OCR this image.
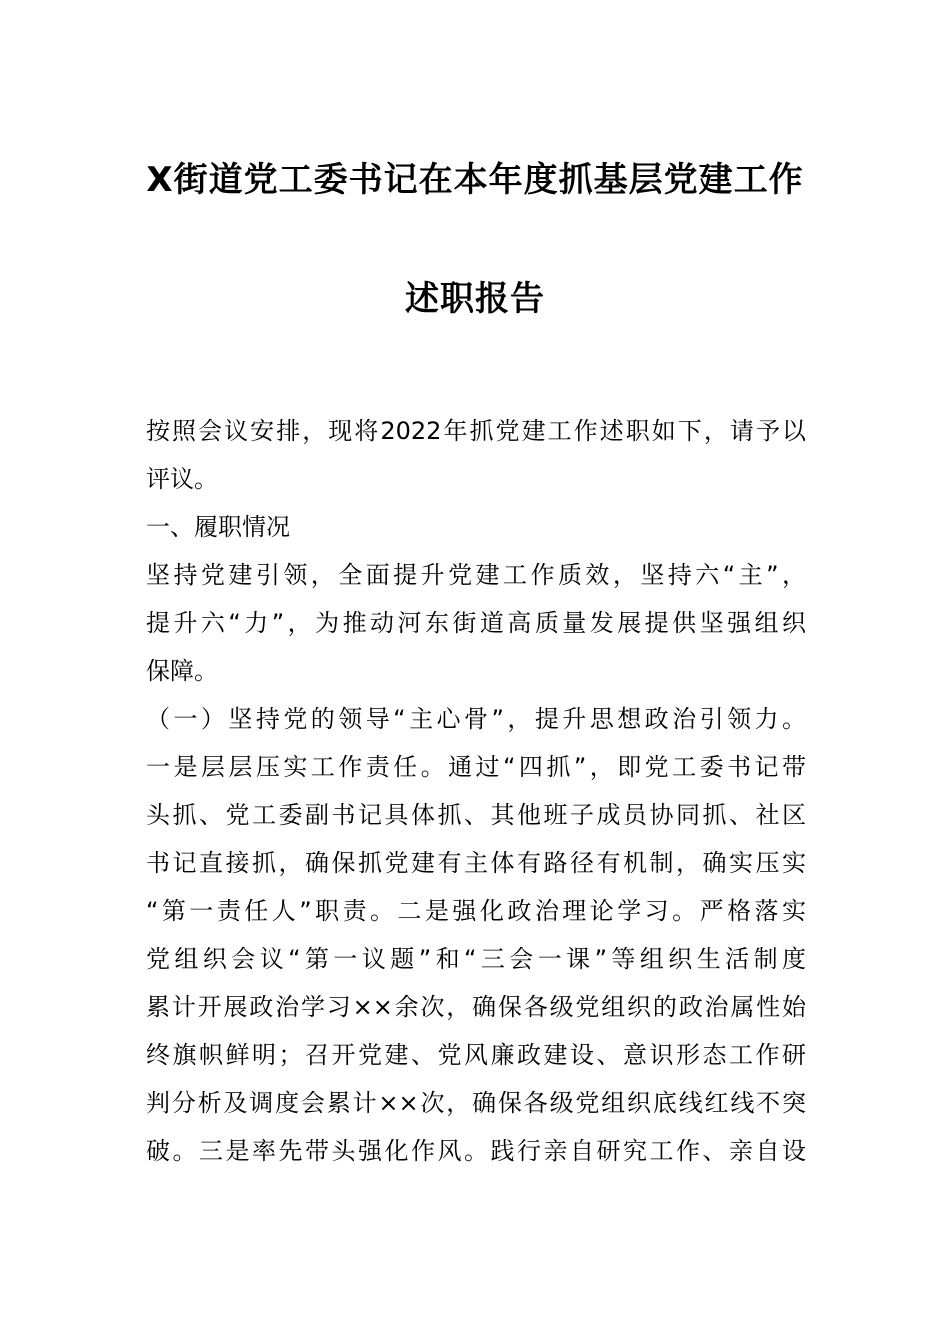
X街道党工委书记在本年度抓基层党建工作
述职报告
按照会议安排，现将2022年抓党建工作述职如下，请予以
评议。
一、履职情况
坚持党建引领，全面提升党建工作质效，坚持六“主”，
提升六“力”，为推动河东街道高质量发展提供坚强组织
保障。
（一）坚持党的领导“主心骨”，提升思想政治引领力。
一是层层压实工作责任。通过“四抓”，即党工委书记带
头抓、党工委副书记具体抓、其他班子成员协同抓、社区
书记直接抓，确保抓党建有主体有路径有机制，确实压实
“第一责任人”职责。二是强化政治理论学习。严格落实
党组织会议“第一议题”和“三会一课”等组织生活制度
累计开展政治学习××余次，确保各级党组织的政治属性始
终旗帜鲜明；召开党建、党风廉政建设、意识形态工作研
判分析及调度会累计××次，确保各级党组织底线红线不突
破。三是率先带头强化作风。践行亲自研究工作、亲自设
